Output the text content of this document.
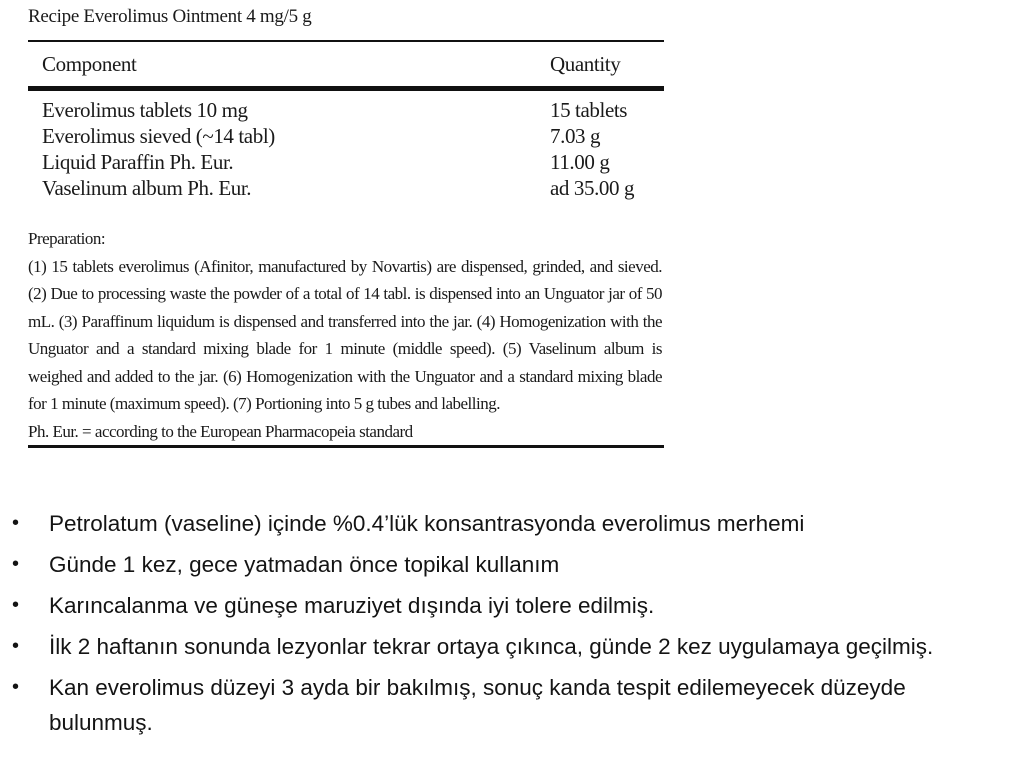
Recipe Everolimus Ointment 4 mg/5 g
Component	Quantity
Everolimus tablets 10 mg	15 tablets
Everolimus sieved (~14 tabl)	7.03 g
Liquid Paraffin Ph. Eur.	11.00 g
Vaselinum album Ph. Eur.	ad 35.00 g
Preparation:
(1) 15 tablets everolimus (Afinitor, manufactured by Novartis) are dispensed, grinded, and sieved. (2) Due to processing waste the powder of a total of 14 tabl. is dispensed into an Unguator jar of 50 mL. (3) Paraffinum liquidum is dispensed and transferred into the jar. (4) Homogenization with the Unguator and a standard mixing blade for 1 minute (middle speed). (5) Vaselinum album is weighed and added to the jar. (6) Homogenization with the Unguator and a standard mixing blade for 1 minute (maximum speed). (7) Portioning into 5 g tubes and labelling.
Ph. Eur. = according to the European Pharmacopeia standard
• Petrolatum (vaseline) içinde %0.4’lük konsantrasyonda everolimus merhemi
• Günde 1 kez, gece yatmadan önce topikal kullanım
• Karıncalanma ve güneşe maruziyet dışında iyi tolere edilmiş.
• İlk 2 haftanın sonunda lezyonlar tekrar ortaya çıkınca, günde 2 kez uygulamaya geçilmiş.
• Kan everolimus düzeyi 3 ayda bir bakılmış, sonuç kanda tespit edilemeyecek düzeyde bulunmuş.
